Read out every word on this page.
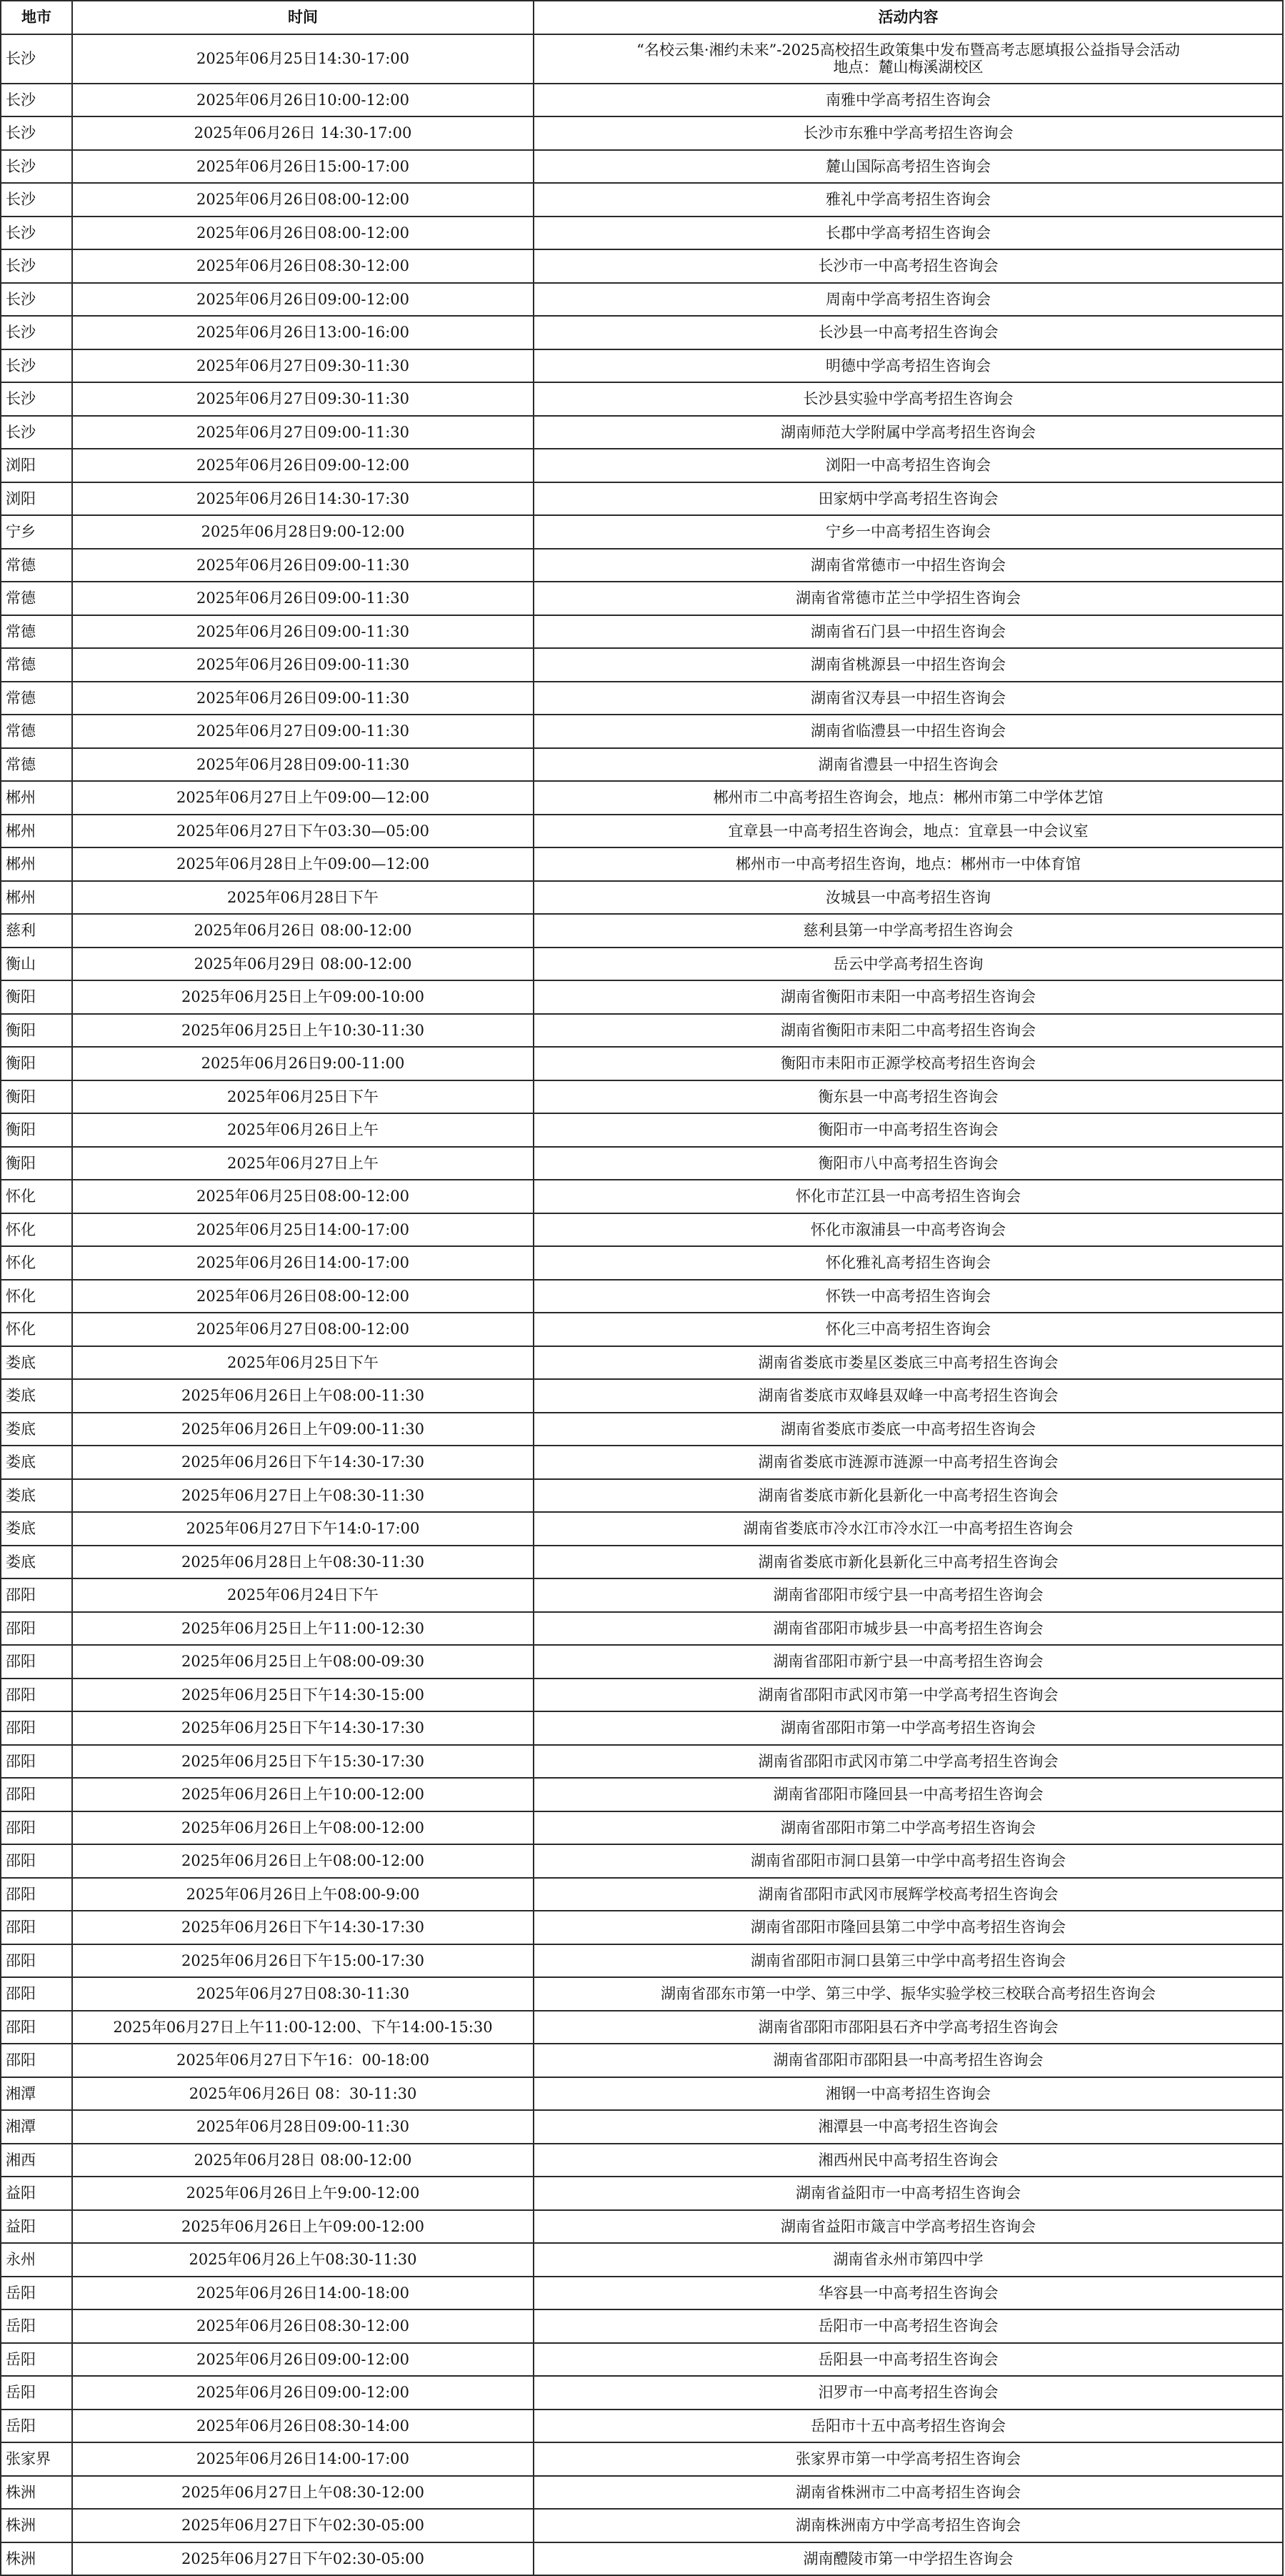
地市	时间	活动内容
长沙	2025年06月25日14:30-17:00	“名校云集·湘约未来”-2025高校招生政策集中发布暨高考志愿填报公益指导会活动
地点：麓山梅溪湖校区

长沙	2025年06月26日10:00-12:00	南雅中学高考招生咨询会

长沙	2025年06月26日 14:30-17:00	长沙市东雅中学高考招生咨询会

长沙	2025年06月26日15:00-17:00	麓山国际高考招生咨询会

长沙	2025年06月26日08:00-12:00	雅礼中学高考招生咨询会

长沙	2025年06月26日08:00-12:00	长郡中学高考招生咨询会

长沙	2025年06月26日08:30-12:00	长沙市一中高考招生咨询会

长沙	2025年06月26日09:00-12:00	周南中学高考招生咨询会

长沙	2025年06月26日13:00-16:00	长沙县一中高考招生咨询会

长沙	2025年06月27日09:30-11:30	明德中学高考招生咨询会

长沙	2025年06月27日09:30-11:30	长沙县实验中学高考招生咨询会

长沙	2025年06月27日09:00-11:30	湖南师范大学附属中学高考招生咨询会

浏阳	2025年06月26日09:00-12:00	浏阳一中高考招生咨询会

浏阳	2025年06月26日14:30-17:30	田家炳中学高考招生咨询会

宁乡	2025年06月28日9:00-12:00	宁乡一中高考招生咨询会

常德	2025年06月26日09:00-11:30	湖南省常德市一中招生咨询会

常德	2025年06月26日09:00-11:30	湖南省常德市芷兰中学招生咨询会

常德	2025年06月26日09:00-11:30	湖南省石门县一中招生咨询会

常德	2025年06月26日09:00-11:30	湖南省桃源县一中招生咨询会

常德	2025年06月26日09:00-11:30	湖南省汉寿县一中招生咨询会

常德	2025年06月27日09:00-11:30	湖南省临澧县一中招生咨询会

常德	2025年06月28日09:00-11:30	湖南省澧县一中招生咨询会

郴州	2025年06月27日上午09:00—12:00	郴州市二中高考招生咨询会，地点：郴州市第二中学体艺馆

郴州	2025年06月27日下午03:30—05:00	宜章县一中高考招生咨询会，地点：宜章县一中会议室

郴州	2025年06月28日上午09:00—12:00	郴州市一中高考招生咨询，地点：郴州市一中体育馆

郴州	2025年06月28日下午	汝城县一中高考招生咨询

慈利	2025年06月26日 08:00-12:00	慈利县第一中学高考招生咨询会

衡山	2025年06月29日 08:00-12:00	岳云中学高考招生咨询

衡阳	2025年06月25日上午09:00-10:00	湖南省衡阳市耒阳一中高考招生咨询会

衡阳	2025年06月25日上午10:30-11:30	湖南省衡阳市耒阳二中高考招生咨询会

衡阳	2025年06月26日9:00-11:00	衡阳市耒阳市正源学校高考招生咨询会

衡阳	2025年06月25日下午	衡东县一中高考招生咨询会

衡阳	2025年06月26日上午	衡阳市一中高考招生咨询会

衡阳	2025年06月27日上午	衡阳市八中高考招生咨询会

怀化	2025年06月25日08:00-12:00	怀化市芷江县一中高考招生咨询会

怀化	2025年06月25日14:00-17:00	怀化市溆浦县一中高考咨询会

怀化	2025年06月26日14:00-17:00	怀化雅礼高考招生咨询会

怀化	2025年06月26日08:00-12:00	怀铁一中高考招生咨询会

怀化	2025年06月27日08:00-12:00	怀化三中高考招生咨询会

娄底	2025年06月25日下午	湖南省娄底市娄星区娄底三中高考招生咨询会

娄底	2025年06月26日上午08:00-11:30	湖南省娄底市双峰县双峰一中高考招生咨询会

娄底	2025年06月26日上午09:00-11:30	湖南省娄底市娄底一中高考招生咨询会

娄底	2025年06月26日下午14:30-17:30	湖南省娄底市涟源市涟源一中高考招生咨询会

娄底	2025年06月27日上午08:30-11:30	湖南省娄底市新化县新化一中高考招生咨询会

娄底	2025年06月27日下午14:0-17:00	湖南省娄底市冷水江市冷水江一中高考招生咨询会

娄底	2025年06月28日上午08:30-11:30	湖南省娄底市新化县新化三中高考招生咨询会

邵阳	2025年06月24日下午	湖南省邵阳市绥宁县一中高考招生咨询会

邵阳	2025年06月25日上午11:00-12:30	湖南省邵阳市城步县一中高考招生咨询会

邵阳	2025年06月25日上午08:00-09:30	湖南省邵阳市新宁县一中高考招生咨询会

邵阳	2025年06月25日下午14:30-15:00	湖南省邵阳市武冈市第一中学高考招生咨询会

邵阳	2025年06月25日下午14:30-17:30	湖南省邵阳市第一中学高考招生咨询会

邵阳	2025年06月25日下午15:30-17:30	湖南省邵阳市武冈市第二中学高考招生咨询会

邵阳	2025年06月26日上午10:00-12:00	湖南省邵阳市隆回县一中高考招生咨询会

邵阳	2025年06月26日上午08:00-12:00	湖南省邵阳市第二中学高考招生咨询会

邵阳	2025年06月26日上午08:00-12:00	湖南省邵阳市洞口县第一中学中高考招生咨询会

邵阳	2025年06月26日上午08:00-9:00	湖南省邵阳市武冈市展辉学校高考招生咨询会

邵阳	2025年06月26日下午14:30-17:30	湖南省邵阳市隆回县第二中学中高考招生咨询会

邵阳	2025年06月26日下午15:00-17:30	湖南省邵阳市洞口县第三中学中高考招生咨询会

邵阳	2025年06月27日08:30-11:30	湖南省邵东市第一中学、第三中学、振华实验学校三校联合高考招生咨询会

邵阳	2025年06月27日上午11:00-12:00、下午14:00-15:30	湖南省邵阳市邵阳县石齐中学高考招生咨询会

邵阳	2025年06月27日下午16：00-18:00	湖南省邵阳市邵阳县一中高考招生咨询会

湘潭	2025年06月26日 08：30-11:30	湘钢一中高考招生咨询会

湘潭	2025年06月28日09:00-11:30	湘潭县一中高考招生咨询会

湘西	2025年06月28日 08:00-12:00	湘西州民中高考招生咨询会

益阳	2025年06月26日上午9:00-12:00	湖南省益阳市一中高考招生咨询会

益阳	2025年06月26日上午09:00-12:00	湖南省益阳市箴言中学高考招生咨询会

永州	2025年06月26上午08:30-11:30	湖南省永州市第四中学

岳阳	2025年06月26日14:00-18:00	华容县一中高考招生咨询会

岳阳	2025年06月26日08:30-12:00	岳阳市一中高考招生咨询会

岳阳	2025年06月26日09:00-12:00	岳阳县一中高考招生咨询会

岳阳	2025年06月26日09:00-12:00	汨罗市一中高考招生咨询会

岳阳	2025年06月26日08:30-14:00	岳阳市十五中高考招生咨询会

张家界	2025年06月26日14:00-17:00	张家界市第一中学高考招生咨询会

株洲	2025年06月27日上午08:30-12:00	湖南省株洲市二中高考招生咨询会

株洲	2025年06月27日下午02:30-05:00	湖南株洲南方中学高考招生咨询会

株洲	2025年06月27日下午02:30-05:00	湖南醴陵市第一中学招生咨询会
